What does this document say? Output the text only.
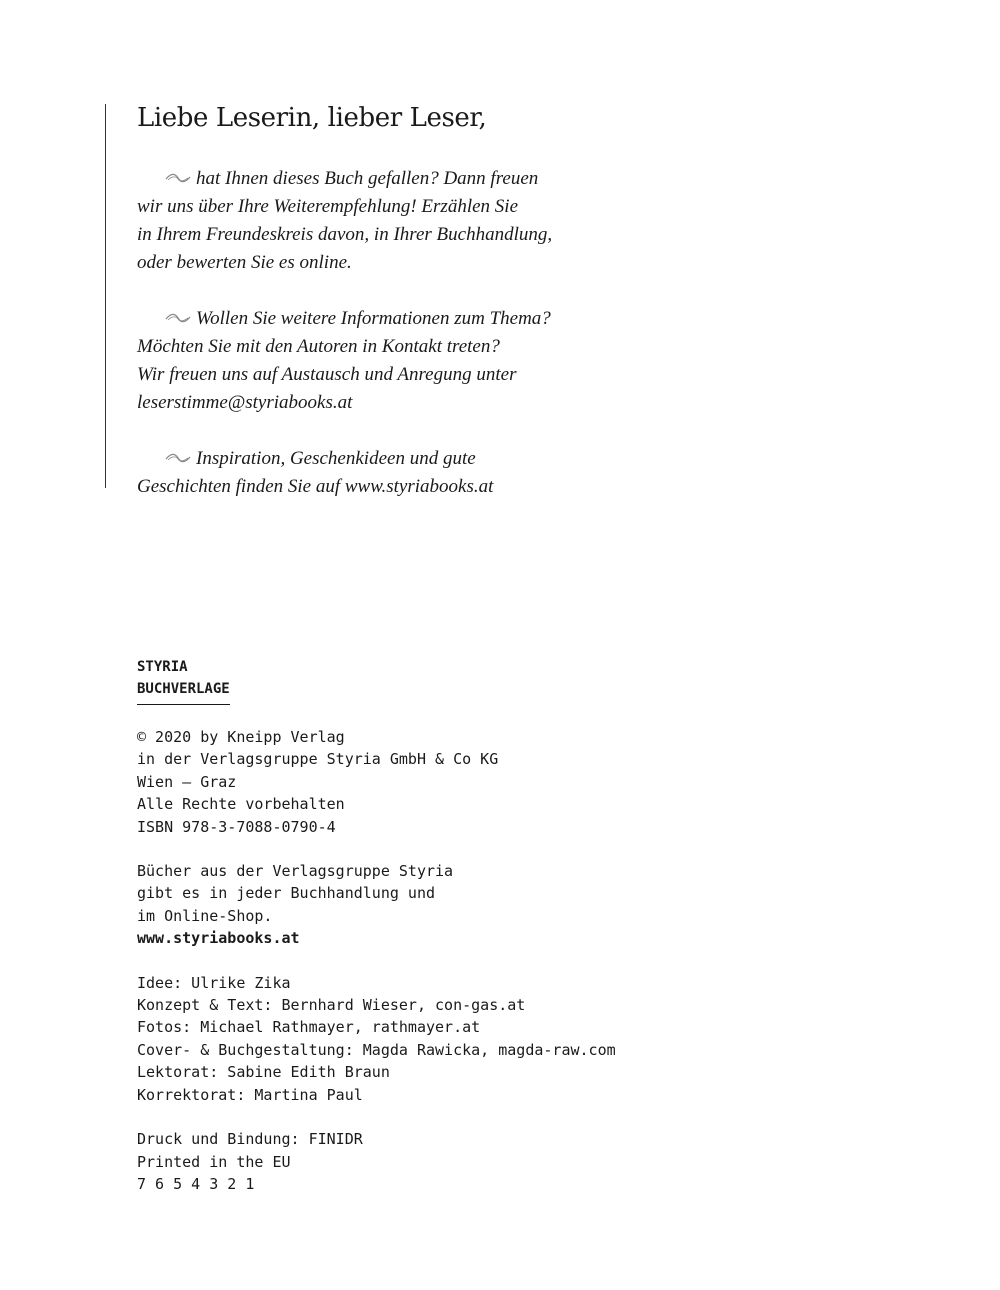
Liebe Leserin, lieber Leser,

hat Ihnen dieses Buch gefallen? Dann freuen
wir uns über Ihre Weiterempfehlung! Erzählen Sie
in Ihrem Freundeskreis davon, in Ihrer Buchhandlung,
oder bewerten Sie es online.

Wollen Sie weitere Informationen zum Thema?
Möchten Sie mit den Autoren in Kontakt treten?
Wir freuen uns auf Austausch und Anregung unter
leserstimme@styriabooks.at

Inspiration, Geschenkideen und gute
Geschichten finden Sie auf www.styriabooks.at

STYRIA
BUCHVERLAGE
© 2020 by Kneipp Verlag
in der Verlagsgruppe Styria GmbH & Co KG
Wien – Graz
Alle Rechte vorbehalten
ISBN 978-3-7088-0790-4
Bücher aus der Verlagsgruppe Styria
gibt es in jeder Buchhandlung und
im Online-Shop.
www.styriabooks.at
Idee: Ulrike Zika
Konzept & Text: Bernhard Wieser, con-gas.at
Fotos: Michael Rathmayer, rathmayer.at
Cover- & Buchgestaltung: Magda Rawicka, magda-raw.com
Lektorat: Sabine Edith Braun
Korrektorat: Martina Paul
Druck und Bindung: FINIDR
Printed in the EU
7 6 5 4 3 2 1
